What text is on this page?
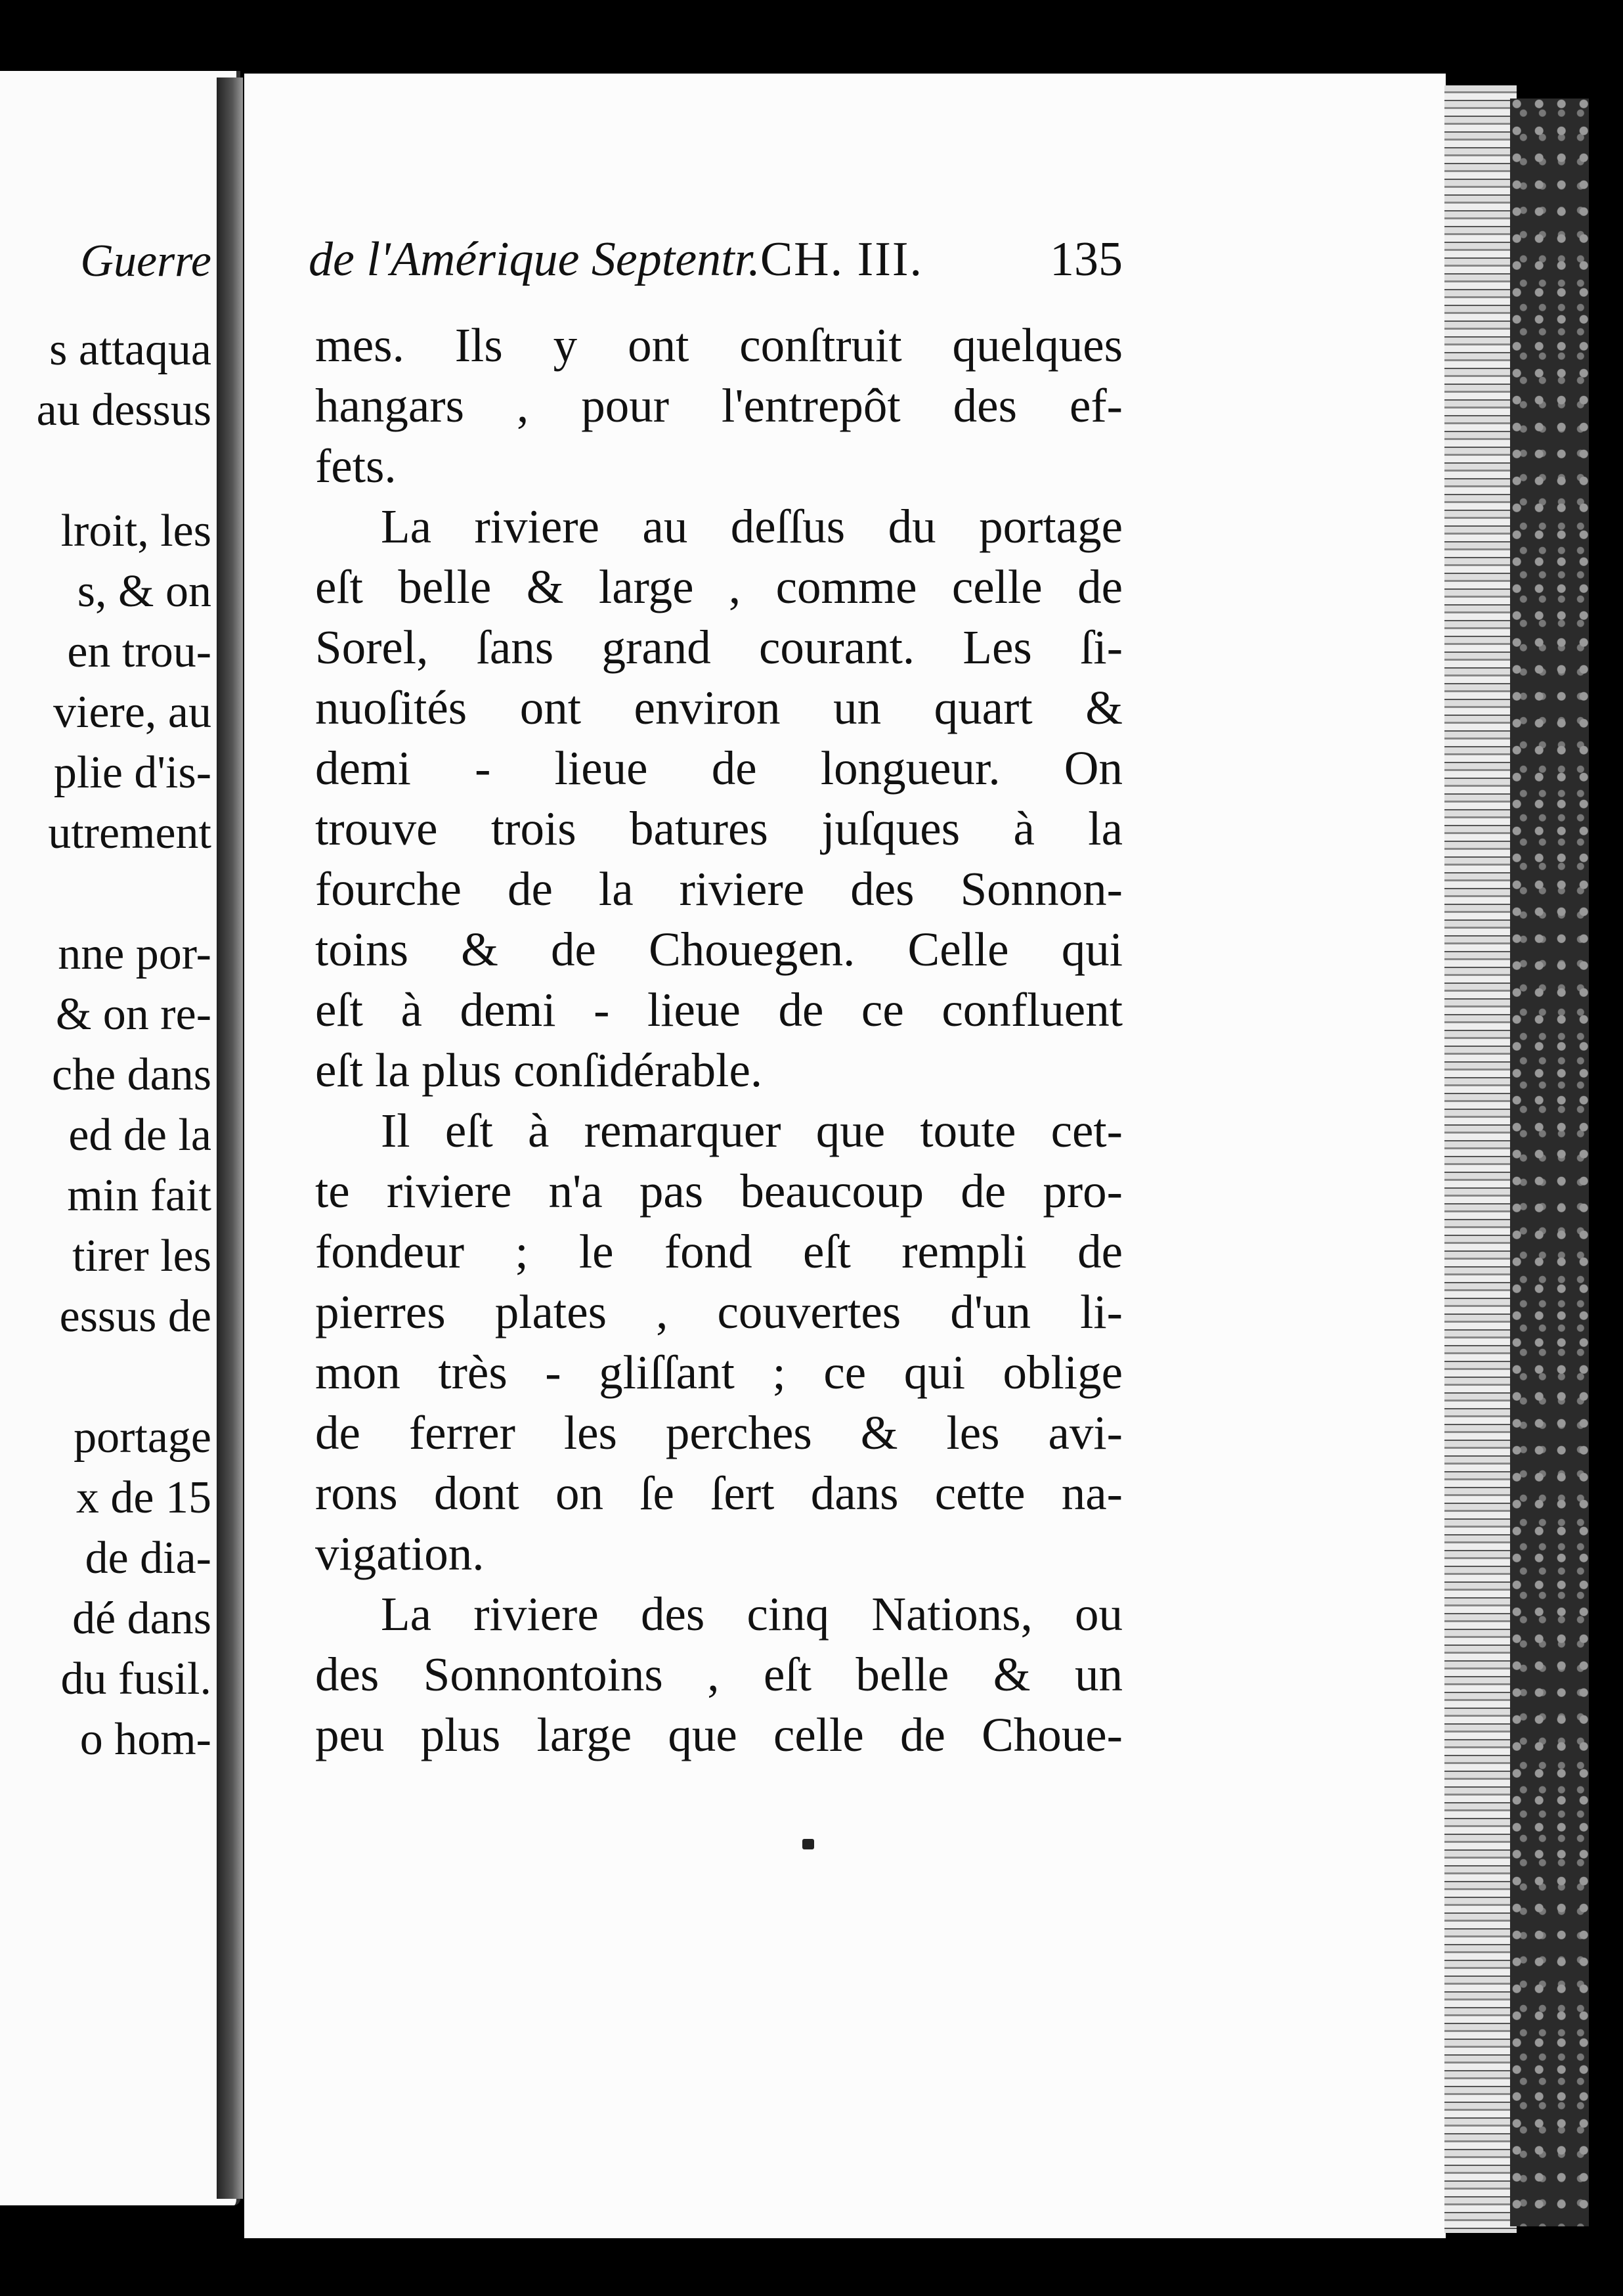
Guerre
s attaqua
au dessus
lroit, les
s, & on
en trou-
viere, au
plie d'is-
utrement
nne por-
& on re-
che dans
ed de la
min fait
tirer les
essus de
portage
x de 15
de dia-
dé dans
du fusil.
o hom-
de l'Amérique Septentr.CH. III.	135
mes. Ils y ont conſtruit quelques
hangars , pour l'entrepôt des ef-
fets.
La riviere au deſſus du portage
eſt belle & large , comme celle de
Sorel, ſans grand courant. Les ſi-
nuoſités ont environ un quart &
demi - lieue de longueur. On
trouve trois batures juſques à la
fourche de la riviere des Sonnon-
toins & de Chouegen. Celle qui
eſt à demi - lieue de ce confluent
eſt la plus conſidérable.
Il eſt à remarquer que toute cet-
te riviere n'a pas beaucoup de pro-
fondeur ; le fond eſt rempli de
pierres plates , couvertes d'un li-
mon très - gliſſant ; ce qui oblige
de ferrer les perches & les avi-
rons dont on ſe ſert dans cette na-
vigation.
La riviere des cinq Nations, ou
des Sonnontoins , eſt belle & un
peu plus large que celle de Choue-
